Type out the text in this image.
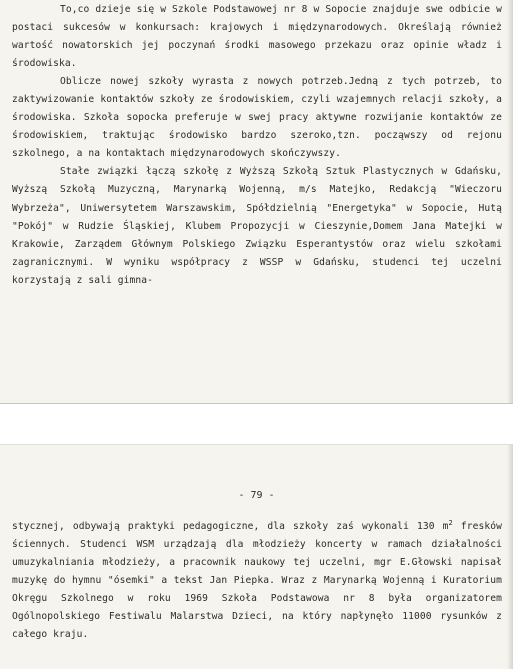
To,co dzieje się w Szkole Podstawowej nr 8 w Sopocie znajduje swe odbicie w postaci sukcesów w konkursach: krajowych i międzynarodowych. Określają również wartość nowatorskich jej poczynań środki masowego przekazu oraz opinie władz i środowiska.

Oblicze nowej szkoły wyrasta z nowych potrzeb.Jedną z tych potrzeb, to zaktywizowanie kontaktów szkoły ze środowiskiem, czyli wzajemnych relacji szkoły, a środowiska. Szkoła sopocka preferuje w swej pracy aktywne rozwijanie kontaktów ze środowiskiem, traktując środowisko bardzo szeroko,tzn. począwszy od rejonu szkolnego, a na kontaktach międzynarodowych skończywszy.

Stałe związki łączą szkołę z Wyższą Szkołą Sztuk Plastycznych w Gdańsku, Wyższą Szkołą Muzyczną, Marynarką Wojenną, m/s Matejko, Redakcją "Wieczoru Wybrzeża", Uniwersytetem Warszawskim, Spółdzielnią "Energetyka" w Sopocie, Hutą "Pokój" w Rudzie Śląskiej, Klubem Propozycji w Cieszynie,Domem Jana Matejki w Krakowie, Zarządem Głównym Polskiego Związku Esperantystów oraz wielu szkołami zagranicznymi. W wyniku współpracy z WSSP w Gdańsku, studenci tej uczelni korzystają z sali gimna-

- 79 -

stycznej, odbywają praktyki pedagogiczne, dla szkoły zaś wykonali 130 $m^2$ fresków ściennych. Studenci WSM urządzają dla młodzieży koncerty w ramach działalności umuzykalniania młodzieży, a pracownik naukowy tej uczelni, mgr E.Głowski napisał muzykę do hymnu "ósemki" a tekst Jan Piepka. Wraz z Marynarką Wojenną i Kuratorium Okręgu Szkolnego w roku 1969 Szkoła Podstawowa nr 8 była organizatorem Ogólnopolskiego Festiwalu Malarstwa Dzieci, na który napłynęło 11000 rysunków z całego kraju.
